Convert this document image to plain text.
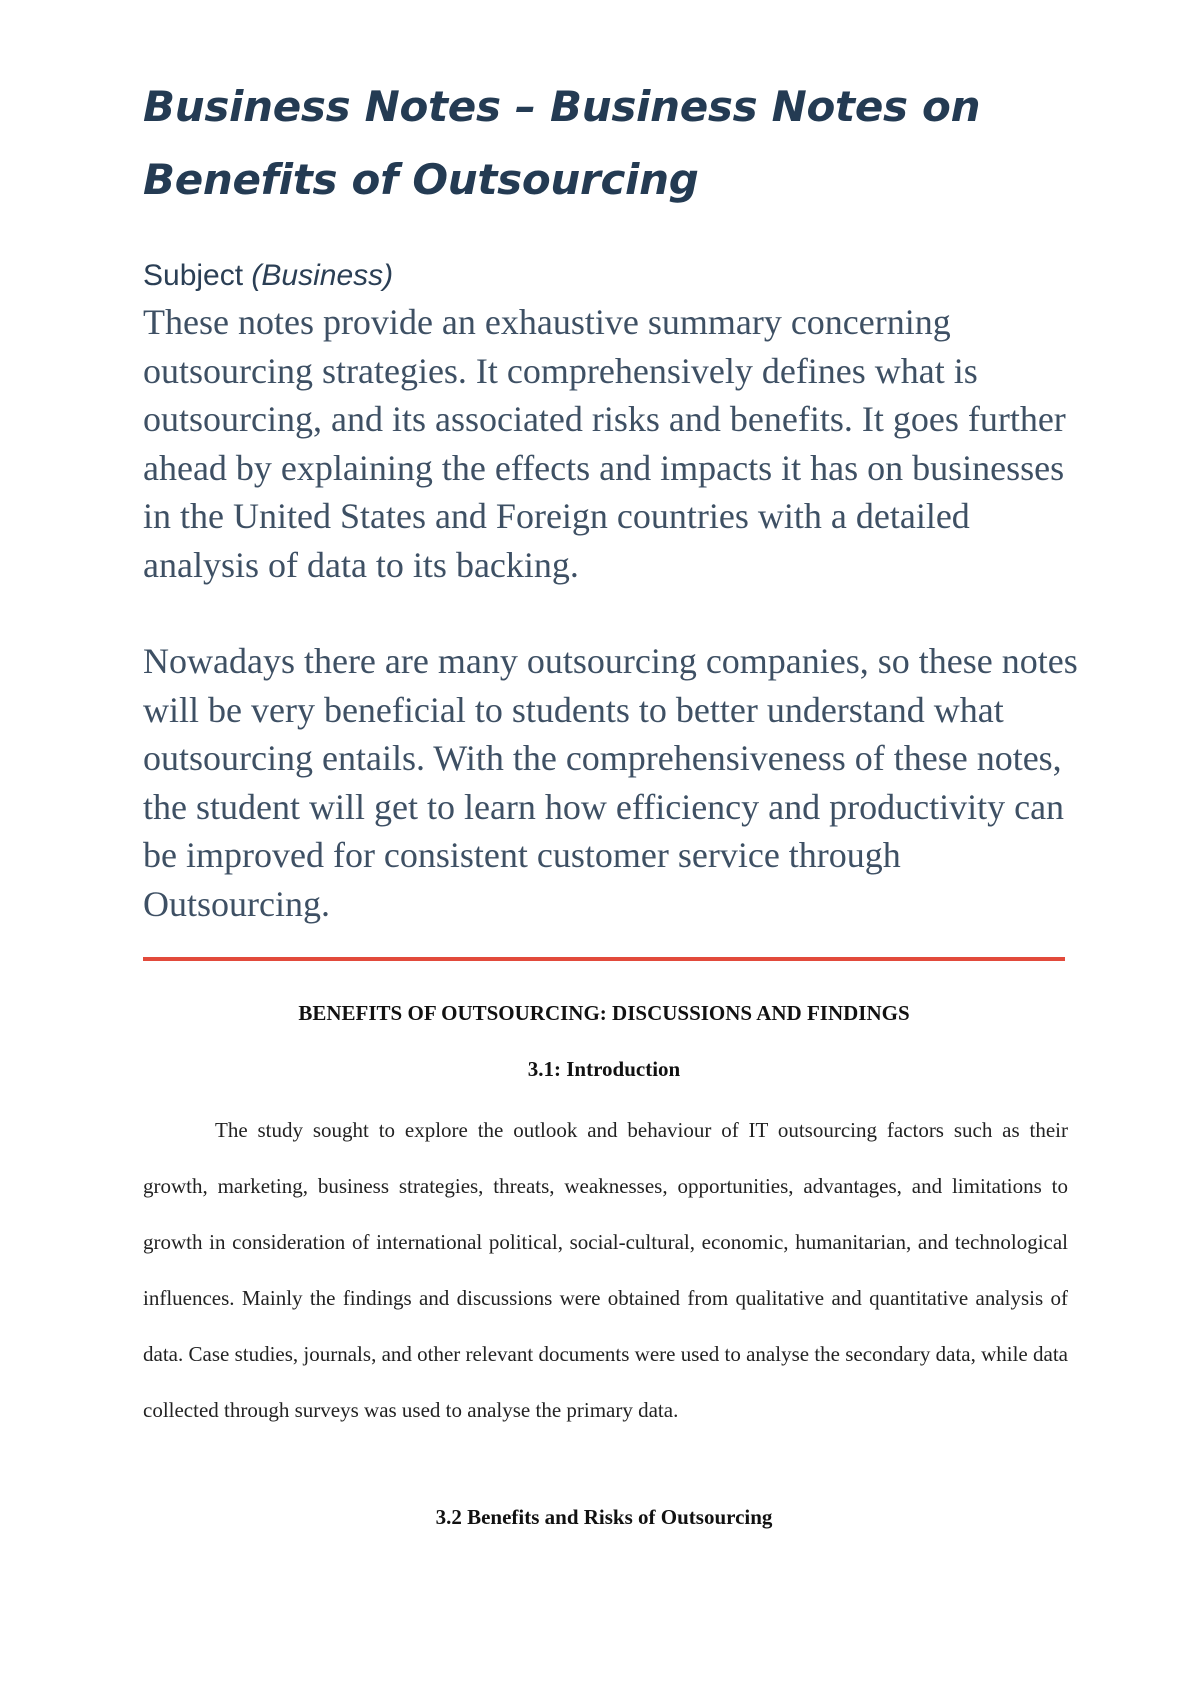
Business Notes – Business Notes on Benefits of Outsourcing
Subject (Business)

These notes provide an exhaustive summary concerning outsourcing strategies. It comprehensively defines what is outsourcing, and its associated risks and benefits. It goes further ahead by explaining the effects and impacts it has on businesses in the United States and Foreign countries with a detailed analysis of data to its backing.

Nowadays there are many outsourcing companies, so these notes will be very beneficial to students to better understand what outsourcing entails. With the comprehensiveness of these notes, the student will get to learn how efficiency and productivity can be improved for consistent customer service through Outsourcing.

BENEFITS OF OUTSOURCING: DISCUSSIONS AND FINDINGS
3.1: Introduction

The study sought to explore the outlook and behaviour of IT outsourcing factors such as their growth, marketing, business strategies, threats, weaknesses, opportunities, advantages, and limitations to growth in consideration of international political, social-cultural, economic, humanitarian, and technological influences. Mainly the findings and discussions were obtained from qualitative and quantitative analysis of data. Case studies, journals, and other relevant documents were used to analyse the secondary data, while data collected through surveys was used to analyse the primary data.

3.2 Benefits and Risks of Outsourcing
